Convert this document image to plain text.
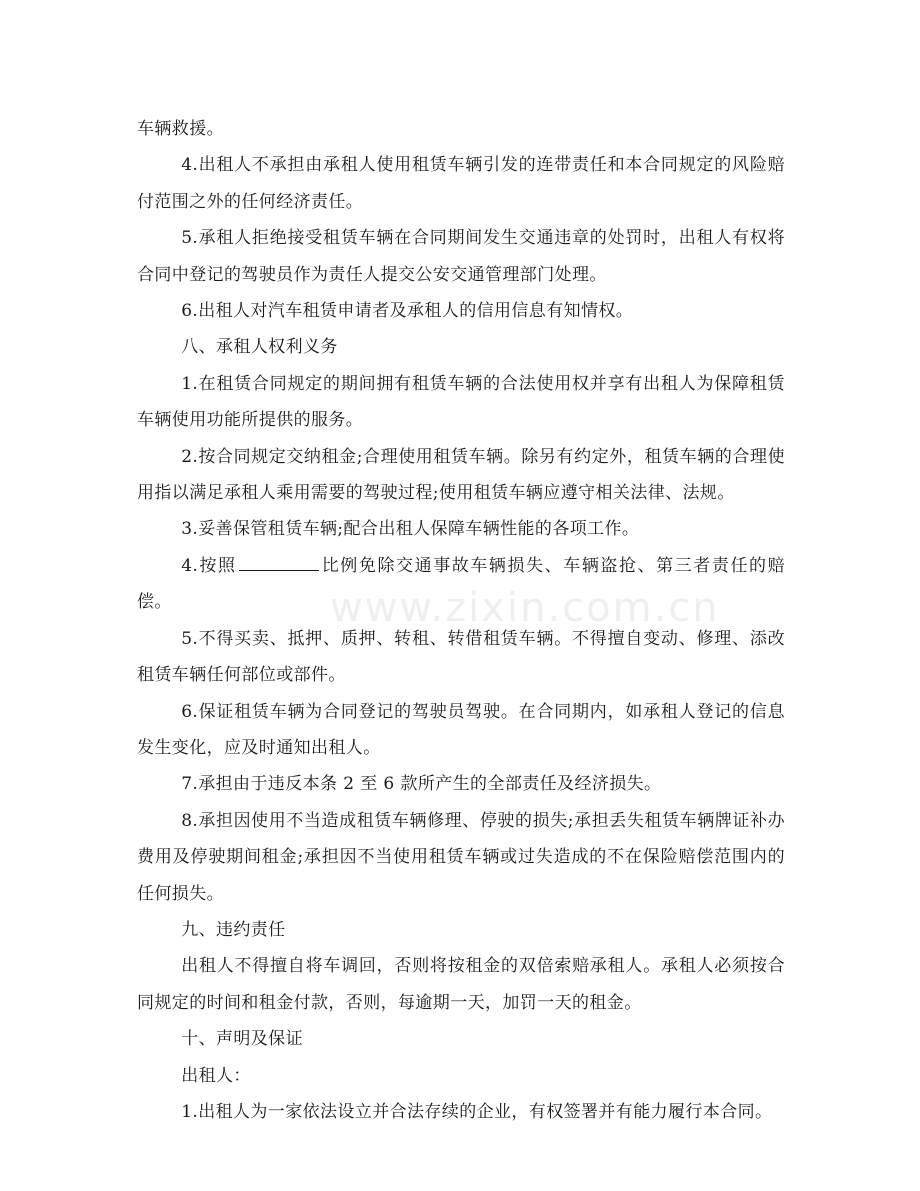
车辆救援。

4.出租人不承担由承租人使用租赁车辆引发的连带责任和本合同规定的风险赔付范围之外的任何经济责任。

5.承租人拒绝接受租赁车辆在合同期间发生交通违章的处罚时，出租人有权将合同中登记的驾驶员作为责任人提交公安交通管理部门处理。

6.出租人对汽车租赁申请者及承租人的信用信息有知情权。

八、承租人权利义务

1.在租赁合同规定的期间拥有租赁车辆的合法使用权并享有出租人为保障租赁车辆使用功能所提供的服务。

2.按合同规定交纳租金;合理使用租赁车辆。除另有约定外，租赁车辆的合理使用指以满足承租人乘用需要的驾驶过程;使用租赁车辆应遵守相关法律、法规。

3.妥善保管租赁车辆;配合出租人保障车辆性能的各项工作。

4.按照	比例免除交通事故车辆损失、车辆盗抢、第三者责任的赔偿。

5.不得买卖、抵押、质押、转租、转借租赁车辆。不得擅自变动、修理、添改租赁车辆任何部位或部件。

6.保证租赁车辆为合同登记的驾驶员驾驶。在合同期内，如承租人登记的信息发生变化，应及时通知出租人。

7.承担由于违反本条 2 至 6 款所产生的全部责任及经济损失。

8.承担因使用不当造成租赁车辆修理、停驶的损失;承担丢失租赁车辆牌证补办费用及停驶期间租金;承担因不当使用租赁车辆或过失造成的不在保险赔偿范围内的任何损失。

九、违约责任

出租人不得擅自将车调回，否则将按租金的双倍索赔承租人。承租人必须按合同规定的时间和租金付款，否则，每逾期一天，加罚一天的租金。

十、声明及保证

出租人：

1.出租人为一家依法设立并合法存续的企业，有权签署并有能力履行本合同。

www.zixin.com.cn
